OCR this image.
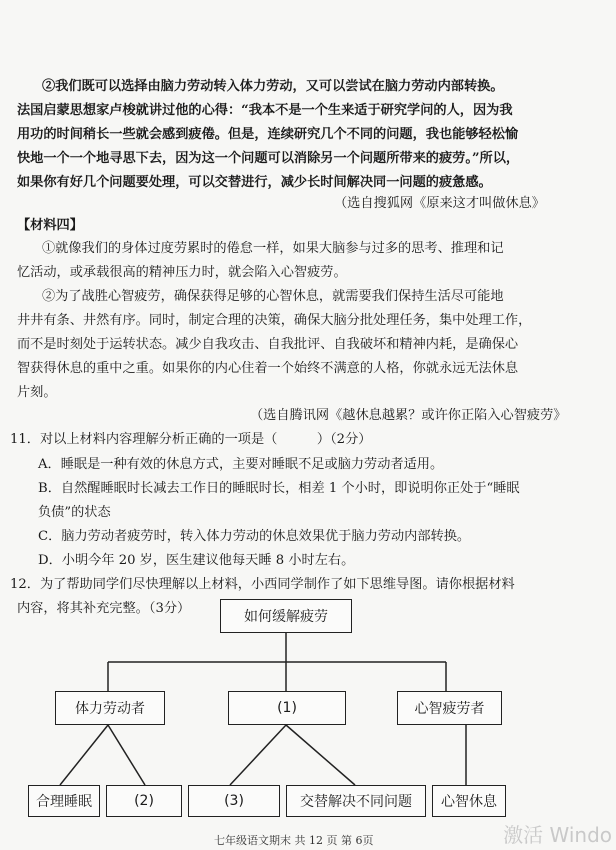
②我们既可以选择由脑力劳动转入体力劳动，又可以尝试在脑力劳动内部转换。
法国启蒙思想家卢梭就讲过他的心得：“我本不是一个生来适于研究学问的人，因为我
用功的时间稍长一些就会感到疲倦。但是，连续研究几个不同的问题，我也能够轻松愉
快地一个一个地寻思下去，因为这一个问题可以消除另一个问题所带来的疲劳。”所以，
如果你有好几个问题要处理，可以交替进行，减少长时间解决同一问题的疲惫感。
（选自搜狐网《原来这才叫做休息》
【材料四】
①就像我们的身体过度劳累时的倦怠一样，如果大脑参与过多的思考、推理和记
忆活动，或承载很高的精神压力时，就会陷入心智疲劳。
②为了战胜心智疲劳，确保获得足够的心智休息，就需要我们保持生活尽可能地
井井有条、井然有序。同时，制定合理的决策，确保大脑分批处理任务，集中处理工作，
而不是时刻处于运转状态。减少自我攻击、自我批评、自我破坏和精神内耗，是确保心
智获得休息的重中之重。如果你的内心住着一个始终不满意的人格，你就永远无法休息
片刻。
（选自腾讯网《越休息越累？或许你正陷入心智疲劳》
11．对以上材料内容理解分析正确的一项是（　　　）（2分）
A．睡眠是一种有效的休息方式，主要对睡眠不足或脑力劳动者适用。
B．自然醒睡眠时长减去工作日的睡眠时长，相差 1 个小时，即说明你正处于“睡眠
负债”的状态
C．脑力劳动者疲劳时，转入体力劳动的休息效果优于脑力劳动内部转换。
D．小明今年 20 岁，医生建议他每天睡 8 小时左右。
12．为了帮助同学们尽快理解以上材料，小西同学制作了如下思维导图。请你根据材料
内容，将其补充完整。（3分）
如何缓解疲劳
体力劳动者	(1)	心智疲劳者
合理睡眠	(2)	(3)	交替解决不同问题	心智休息
七年级语文期末 共 12 页 第 6页	激活 Windo
